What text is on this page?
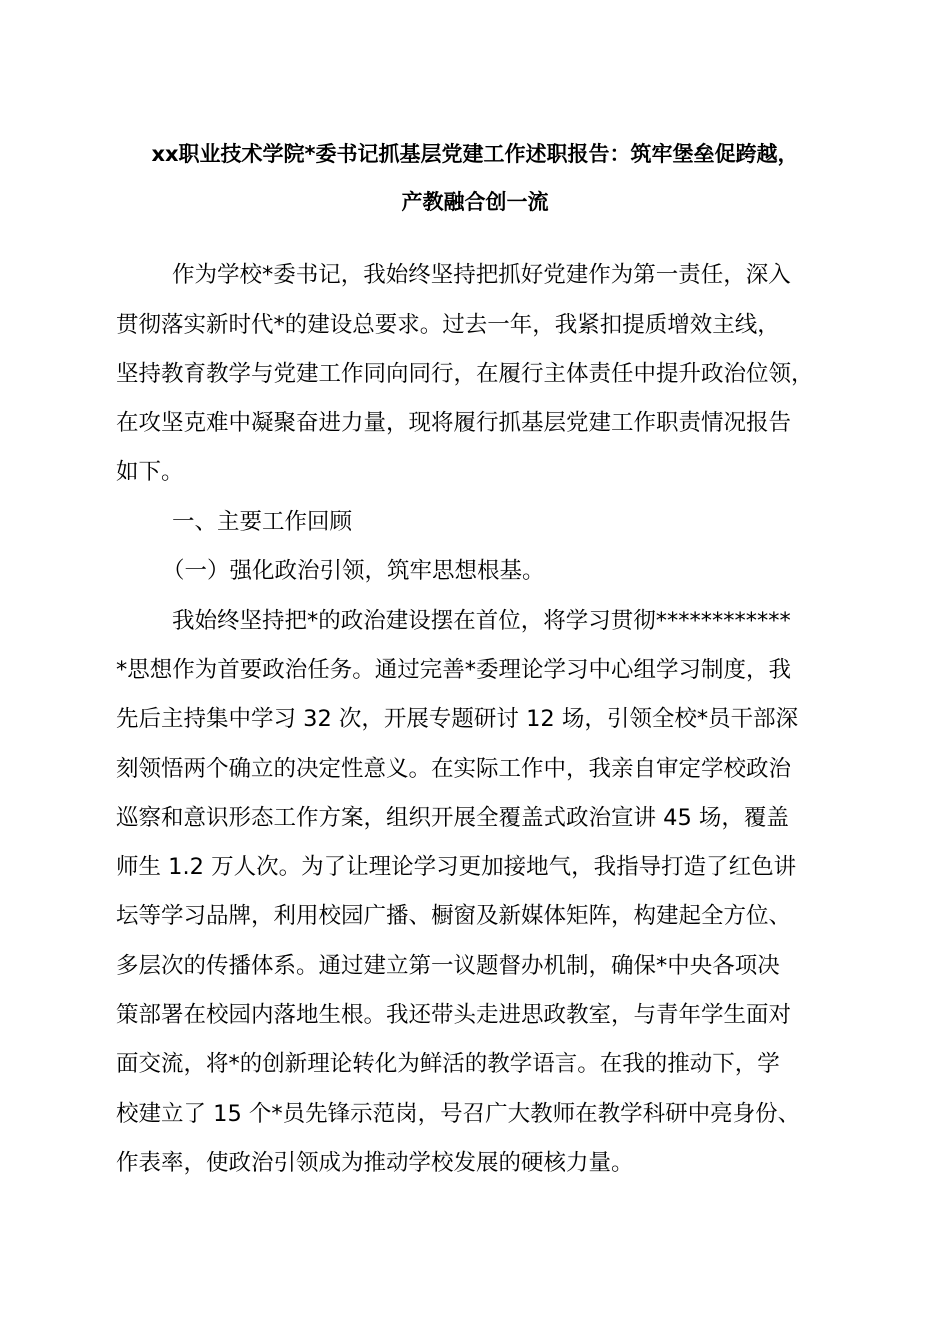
xx职业技术学院*委书记抓基层党建工作述职报告：筑牢堡垒促跨越，
产教融合创一流
作为学校*委书记，我始终坚持把抓好党建作为第一责任，深入
贯彻落实新时代*的建设总要求。过去一年，我紧扣提质增效主线，
坚持教育教学与党建工作同向同行，在履行主体责任中提升政治位领，
在攻坚克难中凝聚奋进力量，现将履行抓基层党建工作职责情况报告
如下。
一、主要工作回顾
（一）强化政治引领，筑牢思想根基。
我始终坚持把*的政治建设摆在首位，将学习贯彻************
*思想作为首要政治任务。通过完善*委理论学习中心组学习制度，我
先后主持集中学习 32 次，开展专题研讨 12 场，引领全校*员干部深
刻领悟两个确立的决定性意义。在实际工作中，我亲自审定学校政治
巡察和意识形态工作方案，组织开展全覆盖式政治宣讲 45 场，覆盖
师生 1.2 万人次。为了让理论学习更加接地气，我指导打造了红色讲
坛等学习品牌，利用校园广播、橱窗及新媒体矩阵，构建起全方位、
多层次的传播体系。通过建立第一议题督办机制，确保*中央各项决
策部署在校园内落地生根。我还带头走进思政教室，与青年学生面对
面交流，将*的创新理论转化为鲜活的教学语言。在我的推动下，学
校建立了 15 个*员先锋示范岗，号召广大教师在教学科研中亮身份、
作表率，使政治引领成为推动学校发展的硬核力量。
